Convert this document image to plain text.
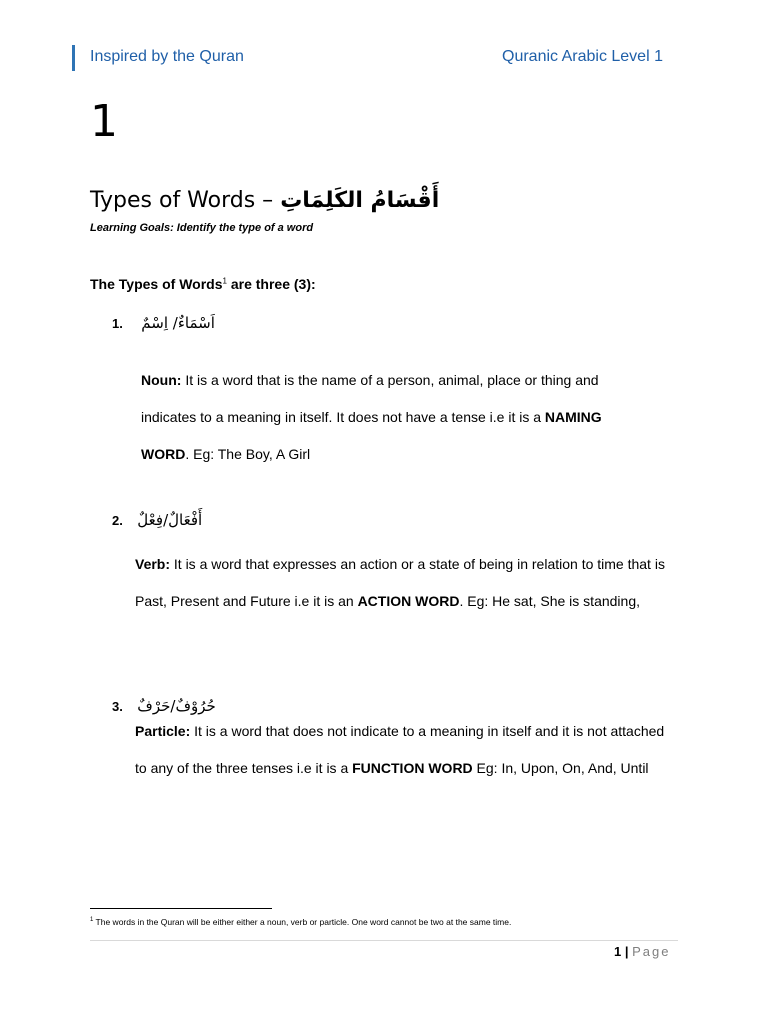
Inspired by the Quran	Quranic Arabic Level 1
1
Types of Words – أَقْسَامُ الكَلِمَاتِ
Learning Goals: Identify the type of a word
The Types of Words$^1$ are three (3):
1. اَسْمَاءٌ/ اِسْمٌ
Noun: It is a word that is the name of a person, animal, place or thing and indicates to a meaning in itself. It does not have a tense i.e it is a NAMING WORD. Eg: The Boy, A Girl
2. أَفْعَالٌ/فِعْلٌ
Verb: It is a word that expresses an action or a state of being in relation to time that is Past, Present and Future i.e it is an ACTION WORD. Eg: He sat, She is standing,
3. حُرُوْفٌ/حَرْفٌ
Particle: It is a word that does not indicate to a meaning in itself and it is not attached to any of the three tenses i.e it is a FUNCTION WORD Eg: In, Upon, On, And, Until
$^1$ The words in the Quran will be either either a noun, verb or particle. One word cannot be two at the same time.
1 | Page
